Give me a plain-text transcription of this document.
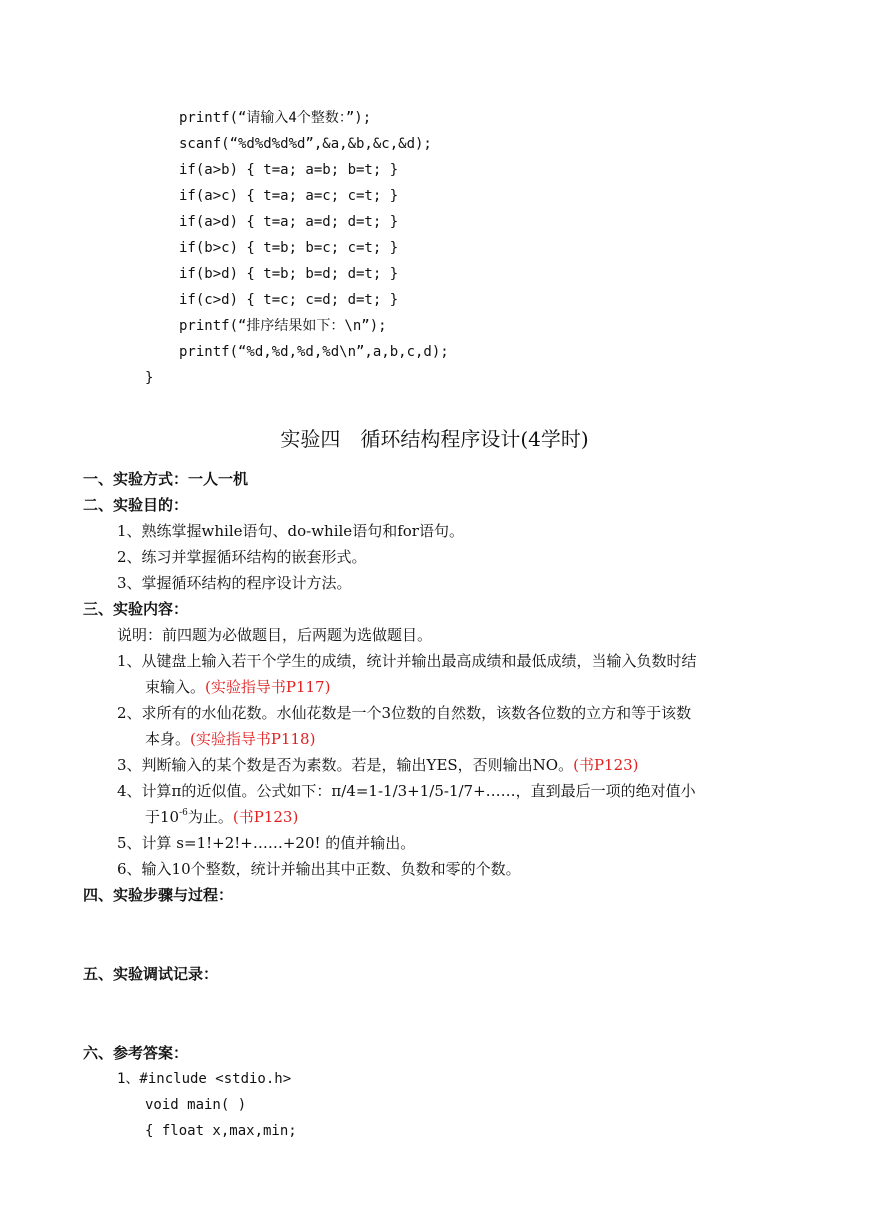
printf(“请输入4个整数：”);
scanf(“%d%d%d%d”,&a,&b,&c,&d);
if(a>b) { t=a; a=b; b=t; }
if(a>c) { t=a; a=c; c=t; }
if(a>d) { t=a; a=d; d=t; }
if(b>c) { t=b; b=c; c=t; }
if(b>d) { t=b; b=d; d=t; }
if(c>d) { t=c; c=d; d=t; }
printf(“排序结果如下：\n”);
printf(“%d,%d,%d,%d\n”,a,b,c,d);
}
实验四　循环结构程序设计(4学时)
一、实验方式：一人一机
二、实验目的：
1、熟练掌握while语句、do-while语句和for语句。
2、练习并掌握循环结构的嵌套形式。
3、掌握循环结构的程序设计方法。
三、实验内容：
说明：前四题为必做题目，后两题为选做题目。
1、从键盘上输入若干个学生的成绩，统计并输出最高成绩和最低成绩，当输入负数时结
束输入。(实验指导书P117)
2、求所有的水仙花数。水仙花数是一个3位数的自然数，该数各位数的立方和等于该数
本身。(实验指导书P118)
3、判断输入的某个数是否为素数。若是，输出YES，否则输出NO。(书P123)
4、计算π的近似值。公式如下：π/4=1-1/3+1/5-1/7+……，直到最后一项的绝对值小
于$10^{-6}$为止。(书P123)
5、计算 s=1!+2!+……+20! 的值并输出。
6、输入10个整数，统计并输出其中正数、负数和零的个数。
四、实验步骤与过程：
五、实验调试记录：
六、参考答案：
1、#include <stdio.h>
void main( )
{ float x,max,min;
